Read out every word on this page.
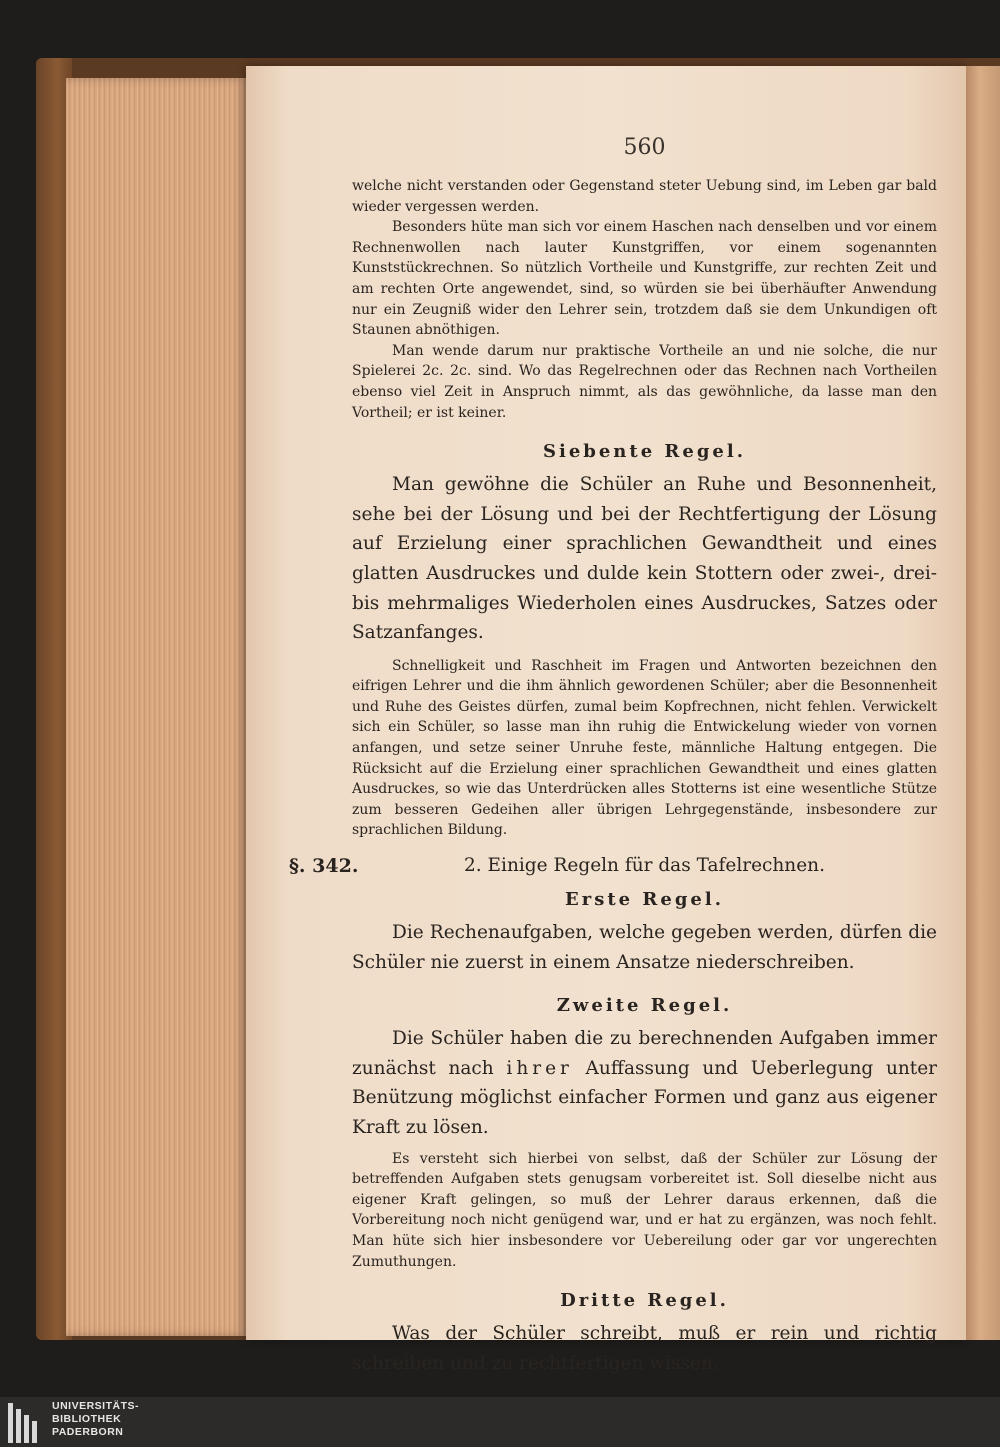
560

welche nicht verstanden oder Gegenstand steter Uebung sind, im Leben gar bald wieder vergessen werden.

Besonders hüte man sich vor einem Haschen nach denselben und vor einem Rechnenwollen nach lauter Kunstgriffen, vor einem sogenannten Kunststückrechnen. So nützlich Vortheile und Kunstgriffe, zur rechten Zeit und am rechten Orte angewendet, sind, so würden sie bei überhäufter Anwendung nur ein Zeugniß wider den Lehrer sein, trotzdem daß sie dem Unkundigen oft Staunen abnöthigen.

Man wende darum nur praktische Vortheile an und nie solche, die nur Spielerei 2c. 2c. sind. Wo das Regelrechnen oder das Rechnen nach Vortheilen ebenso viel Zeit in Anspruch nimmt, als das gewöhnliche, da lasse man den Vortheil; er ist keiner.

Siebente Regel.

Man gewöhne die Schüler an Ruhe und Besonnenheit, sehe bei der Lösung und bei der Rechtfertigung der Lösung auf Erzielung einer sprachlichen Gewandtheit und eines glatten Ausdruckes und dulde kein Stottern oder zwei-, drei- bis mehrmaliges Wiederholen eines Ausdruckes, Satzes oder Satzanfanges.

Schnelligkeit und Raschheit im Fragen und Antworten bezeichnen den eifrigen Lehrer und die ihm ähnlich gewordenen Schüler; aber die Besonnenheit und Ruhe des Geistes dürfen, zumal beim Kopfrechnen, nicht fehlen. Verwickelt sich ein Schüler, so lasse man ihn ruhig die Entwickelung wieder von vornen anfangen, und setze seiner Unruhe feste, männliche Haltung entgegen. Die Rücksicht auf die Erzielung einer sprachlichen Gewandtheit und eines glatten Ausdruckes, so wie das Unterdrücken alles Stotterns ist eine wesentliche Stütze zum besseren Gedeihen aller übrigen Lehrgegenstände, insbesondere zur sprachlichen Bildung.

§. 342.	2. Einige Regeln für das Tafelrechnen.
Erste Regel.

Die Rechenaufgaben, welche gegeben werden, dürfen die Schüler nie zuerst in einem Ansatze niederschreiben.

Zweite Regel.

Die Schüler haben die zu berechnenden Aufgaben immer zunächst nach ihrer Auffassung und Ueberlegung unter Benützung möglichst einfacher Formen und ganz aus eigener Kraft zu lösen.

Es versteht sich hierbei von selbst, daß der Schüler zur Lösung der betreffenden Aufgaben stets genugsam vorbereitet ist. Soll dieselbe nicht aus eigener Kraft gelingen, so muß der Lehrer daraus erkennen, daß die Vorbereitung noch nicht genügend war, und er hat zu ergänzen, was noch fehlt. Man hüte sich hier insbesondere vor Uebereilung oder gar vor ungerechten Zumuthungen.

Dritte Regel.

Was der Schüler schreibt, muß er rein und richtig schreiben und zu rechtfertigen wissen.

UNIVERSITÄTS-
BIBLIOTHEK
PADERBORN
